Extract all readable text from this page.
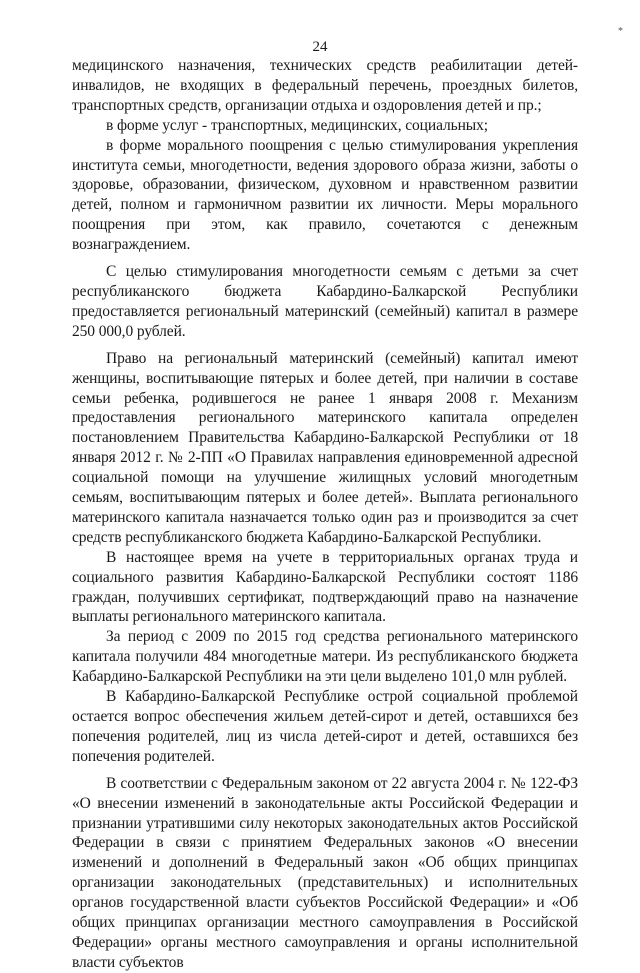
24
*

медицинского назначения, технических средств реабилитации детей-инвалидов, не входящих в федеральный перечень, проездных билетов, транспортных средств, организации отдыха и оздоровления детей и пр.;

в форме услуг - транспортных, медицинских, социальных;

в форме морального поощрения с целью стимулирования укрепления института семьи, многодетности, ведения здорового образа жизни, заботы о здоровье, образовании, физическом, духовном и нравственном развитии детей, полном и гармоничном развитии их личности. Меры морального поощрения при этом, как правило, сочетаются с денежным вознаграждением.

С целью стимулирования многодетности семьям с детьми за счет республиканского бюджета Кабардино-Балкарской Республики предоставляется региональный материнский (семейный) капитал в размере 250 000,0 рублей.

Право на региональный материнский (семейный) капитал имеют женщины, воспитывающие пятерых и более детей, при наличии в составе семьи ребенка, родившегося не ранее 1 января 2008 г. Механизм предоставления регионального материнского капитала определен постановлением Правительства Кабардино-Балкарской Республики от 18 января 2012 г. № 2-ПП «О Правилах направления единовременной адресной социальной помощи на улучшение жилищных условий многодетным семьям, воспитывающим пятерых и более детей». Выплата регионального материнского капитала назначается только один раз и производится за счет средств республиканского бюджета Кабардино-Балкарской Республики.

В настоящее время на учете в территориальных органах труда и социального развития Кабардино-Балкарской Республики состоят 1186 граждан, получивших сертификат, подтверждающий право на назначение выплаты регионального материнского капитала.

За период с 2009 по 2015 год средства регионального материнского капитала получили 484 многодетные матери. Из республиканского бюджета Кабардино-Балкарской Республики на эти цели выделено 101,0 млн рублей.

В Кабардино-Балкарской Республике острой социальной проблемой остается вопрос обеспечения жильем детей-сирот и детей, оставшихся без попечения родителей, лиц из числа детей-сирот и детей, оставшихся без попечения родителей.

В соответствии с Федеральным законом от 22 августа 2004 г. № 122-ФЗ «О внесении изменений в законодательные акты Российской Федерации и признании утратившими силу некоторых законодательных актов Российской Федерации в связи с принятием Федеральных законов «О внесении изменений и дополнений в Федеральный закон «Об общих принципах организации законодательных (представительных) и исполнительных органов государственной власти субъектов Российской Федерации» и «Об общих принципах организации местного самоуправления в Российской Федерации» органы местного самоуправления и органы исполнительной власти субъектов
